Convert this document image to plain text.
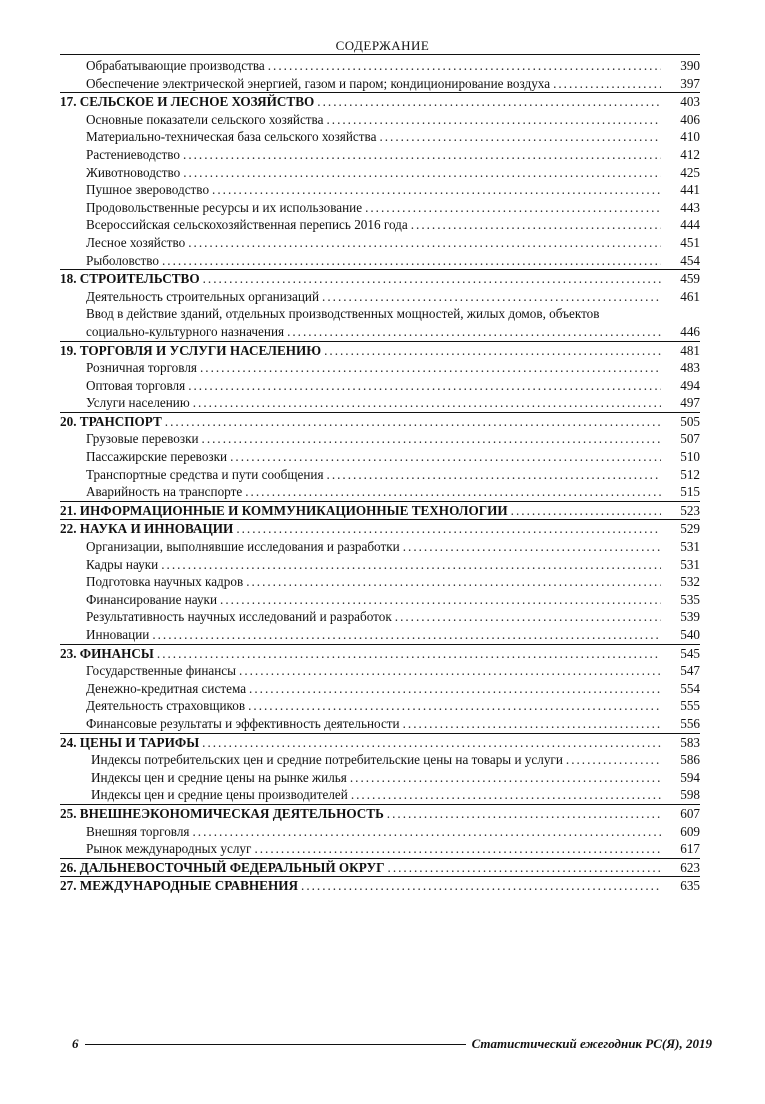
СОДЕРЖАНИЕ
Обрабатывающие производства .....	390
Обеспечение электрической энергией, газом и паром; кондиционирование воздуха .....	397
17. СЕЛЬСКОЕ И ЛЕСНОЕ ХОЗЯЙСТВО .....	403
Основные показатели сельского хозяйства .....	406
Материально-техническая база сельского хозяйства .....	410
Растениеводство .....	412
Животноводство .....	425
Пушное звероводство .....	441
Продовольственные ресурсы и их использование .....	443
Всероссийская сельскохозяйственная перепись 2016 года .....	444
Лесное хозяйство .....	451
Рыболовство .....	454
18. СТРОИТЕЛЬСТВО .....	459
Деятельность строительных организаций .....	461
Ввод в действие зданий, отдельных производственных мощностей, жилых домов, объектов
социально-культурного назначения .....	446
19. ТОРГОВЛЯ И УСЛУГИ НАСЕЛЕНИЮ .....	481
Розничная торговля .....	483
Оптовая торговля .....	494
Услуги населению .....	497
20. ТРАНСПОРТ .....	505
Грузовые перевозки .....	507
Пассажирские перевозки .....	510
Транспортные средства и пути сообщения .....	512
Аварийность на транспорте .....	515
21. ИНФОРМАЦИОННЫЕ И КОММУНИКАЦИОННЫЕ ТЕХНОЛОГИИ .....	523
22. НАУКА И ИННОВАЦИИ .....	529
Организации, выполнявшие исследования и разработки .....	531
Кадры науки .....	531
Подготовка научных кадров .....	532
Финансирование науки .....	535
Результативность научных исследований и разработок .....	539
Инновации .....	540
23. ФИНАНСЫ .....	545
Государственные финансы .....	547
Денежно-кредитная система .....	554
Деятельность страховщиков .....	555
Финансовые результаты и эффективность деятельности .....	556
24. ЦЕНЫ И ТАРИФЫ .....	583
Индексы потребительских цен и средние потребительские цены на товары и услуги .....	586
Индексы цен и средние цены на рынке жилья .....	594
Индексы цен и средние цены производителей .....	598
25. ВНЕШНЕЭКОНОМИЧЕСКАЯ ДЕЯТЕЛЬНОСТЬ .....	607
Внешняя торговля .....	609
Рынок международных услуг .....	617
26. ДАЛЬНЕВОСТОЧНЫЙ ФЕДЕРАЛЬНЫЙ ОКРУГ .....	623
27. МЕЖДУНАРОДНЫЕ СРАВНЕНИЯ .....	635
6	Статистический ежегодник РС(Я), 2019
